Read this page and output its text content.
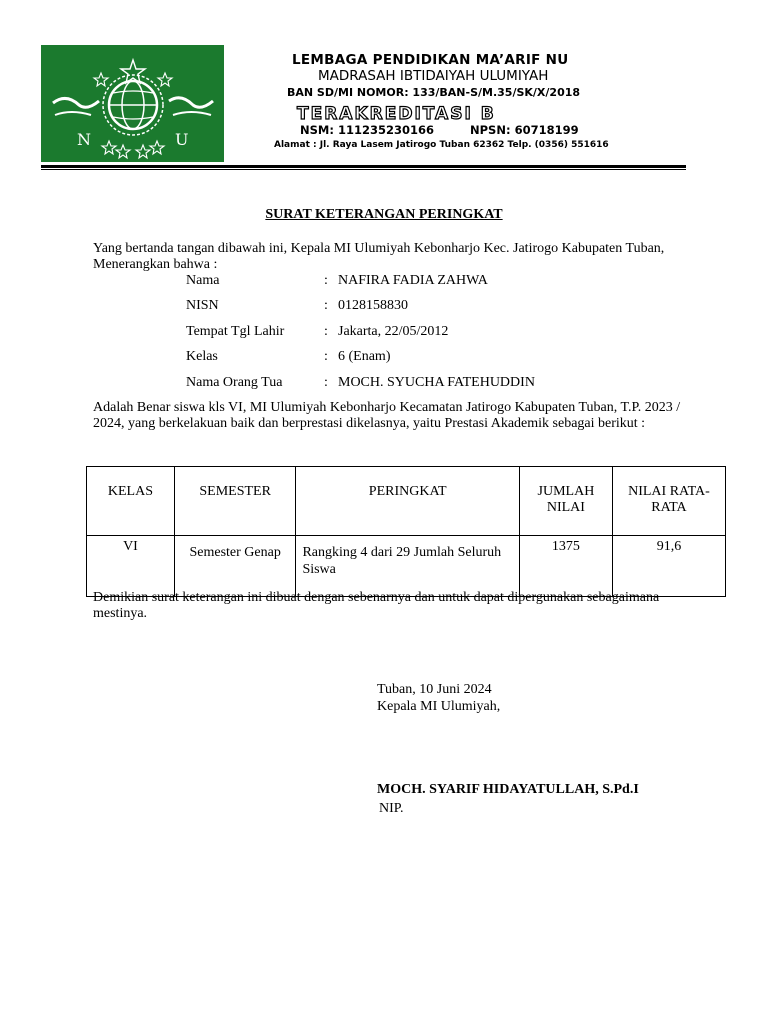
N	U
LEMBAGA PENDIDIKAN MA’ARIF NU
MADRASAH IBTIDAIYAH ULUMIYAH
BAN SD/MI NOMOR: 133/BAN-S/M.35/SK/X/2018
TERAKREDITASI B
NSM: 111235230166	NPSN: 60718199
Alamat : Jl. Raya Lasem Jatirogo Tuban 62362 Telp. (0356) 551616
SURAT KETERANGAN PERINGKAT
Yang bertanda tangan dibawah ini, Kepala MI Ulumiyah Kebonharjo Kec. Jatirogo Kabupaten Tuban, Menerangkan bahwa :
Nama	: NAFIRA FADIA ZAHWA
NISN	: 0128158830
Tempat Tgl Lahir	: Jakarta, 22/05/2012
Kelas	: 6 (Enam)
Nama Orang Tua	: MOCH. SYUCHA FATEHUDDIN
Adalah Benar siswa kls VI, MI Ulumiyah Kebonharjo Kecamatan Jatirogo Kabupaten Tuban, T.P. 2023 / 2024, yang berkelakuan baik dan berprestasi dikelasnya, yaitu Prestasi Akademik sebagai berikut :
KELAS	SEMESTER	PERINGKAT	JUMLAH NILAI	NILAI RATA-RATA
VI	Semester Genap	Rangking 4 dari 29 Jumlah Seluruh Siswa	1375	91,6
Demikian surat keterangan ini dibuat dengan sebenarnya dan untuk dapat dipergunakan sebagaimana mestinya.
Tuban, 10 Juni 2024
Kepala MI Ulumiyah,
MOCH. SYARIF HIDAYATULLAH, S.Pd.I
NIP.
